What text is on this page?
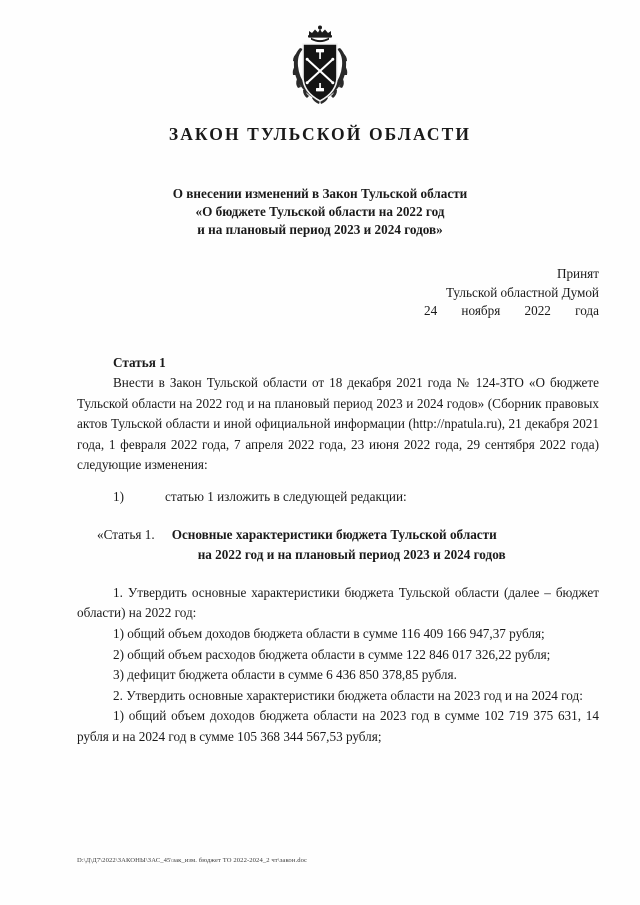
ЗАКОН ТУЛЬСКОЙ ОБЛАСТИ
О внесении изменений в Закон Тульской области
«О бюджете Тульской области на 2022 год
и на плановый период 2023 и 2024 годов»
Принят
Тульской областной Думой
24 ноября 2022 года
Статья 1

Внести в Закон Тульской области от 18 декабря 2021 года № 124-ЗТО «О бюджете Тульской области на 2022 год и на плановый период 2023 и 2024 годов» (Сборник правовых актов Тульской области и иной официальной информации (http://npatula.ru), 21 декабря 2021 года, 1 февраля 2022 года, 7 апреля 2022 года, 23 июня 2022 года, 29 сентября 2022 года) следующие изменения:

1)	статью 1 изложить в следующей редакции:
«Статья 1.	Основные характеристики бюджета Тульской области
на 2022 год и на плановый период 2023 и 2024 годов

1. Утвердить основные характеристики бюджета Тульской области (далее – бюджет области) на 2022 год:

1) общий объем доходов бюджета области в сумме 116 409 166 947,37 рубля;

2) общий объем расходов бюджета области в сумме 122 846 017 326,22 рубля;

3) дефицит бюджета области в сумме 6 436 850 378,85 рубля.

2. Утвердить основные характеристики бюджета области на 2023 год и на 2024 год:

1) общий объем доходов бюджета области на 2023 год в сумме 102 719 375 631, 14 рубля и на 2024 год в сумме 105 368 344 567,53 рубля;

D:\Д\Д7\2022\ЗАКОНЫ\ЗАС_45\зак_изм. бюджет ТО 2022-2024_2 чт\закон.doc
